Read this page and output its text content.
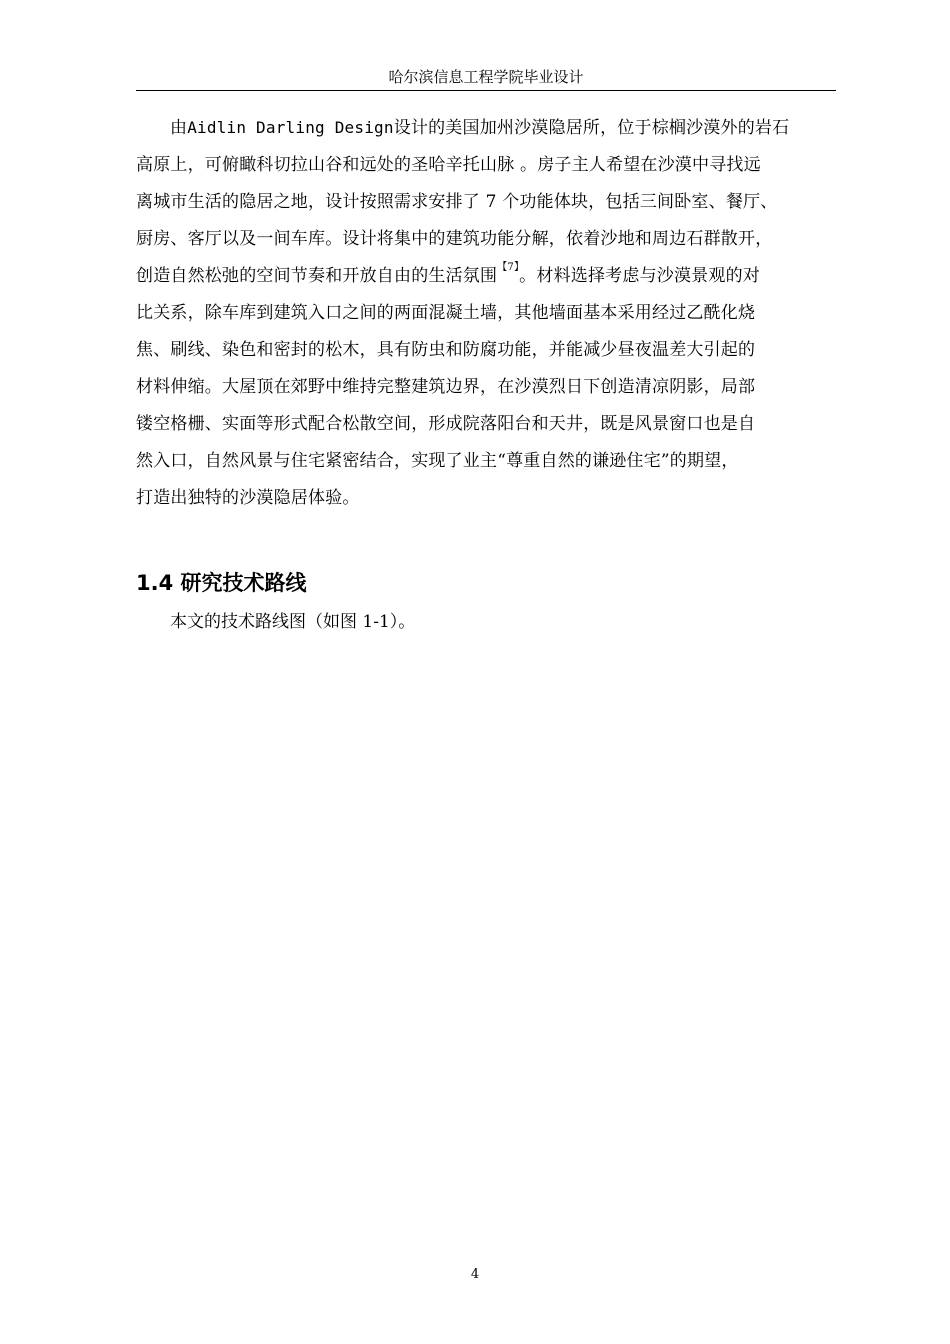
哈尔滨信息工程学院毕业设计
由Aidlin Darling Design设计的美国加州沙漠隐居所，位于棕榈沙漠外的岩石
高原上，可俯瞰科切拉山谷和远处的圣哈辛托山脉 。房子主人希望在沙漠中寻找远
离城市生活的隐居之地，设计按照需求安排了 7 个功能体块，包括三间卧室、餐厅、
厨房、客厅以及一间车库。设计将集中的建筑功能分解，依着沙地和周边石群散开，
创造自然松弛的空间节奏和开放自由的生活氛围$^{【7】}$。材料选择考虑与沙漠景观的对
比关系，除车库到建筑入口之间的两面混凝土墙，其他墙面基本采用经过乙酰化烧
焦、刷线、染色和密封的松木，具有防虫和防腐功能，并能减少昼夜温差大引起的
材料伸缩。大屋顶在郊野中维持完整建筑边界，在沙漠烈日下创造清凉阴影，局部
镂空格栅、实面等形式配合松散空间，形成院落阳台和天井，既是风景窗口也是自
然入口，自然风景与住宅紧密结合，实现了业主“尊重自然的谦逊住宅”的期望，
打造出独特的沙漠隐居体验。
1.4 研究技术路线

本文的技术路线图（如图 1-1）。

4
